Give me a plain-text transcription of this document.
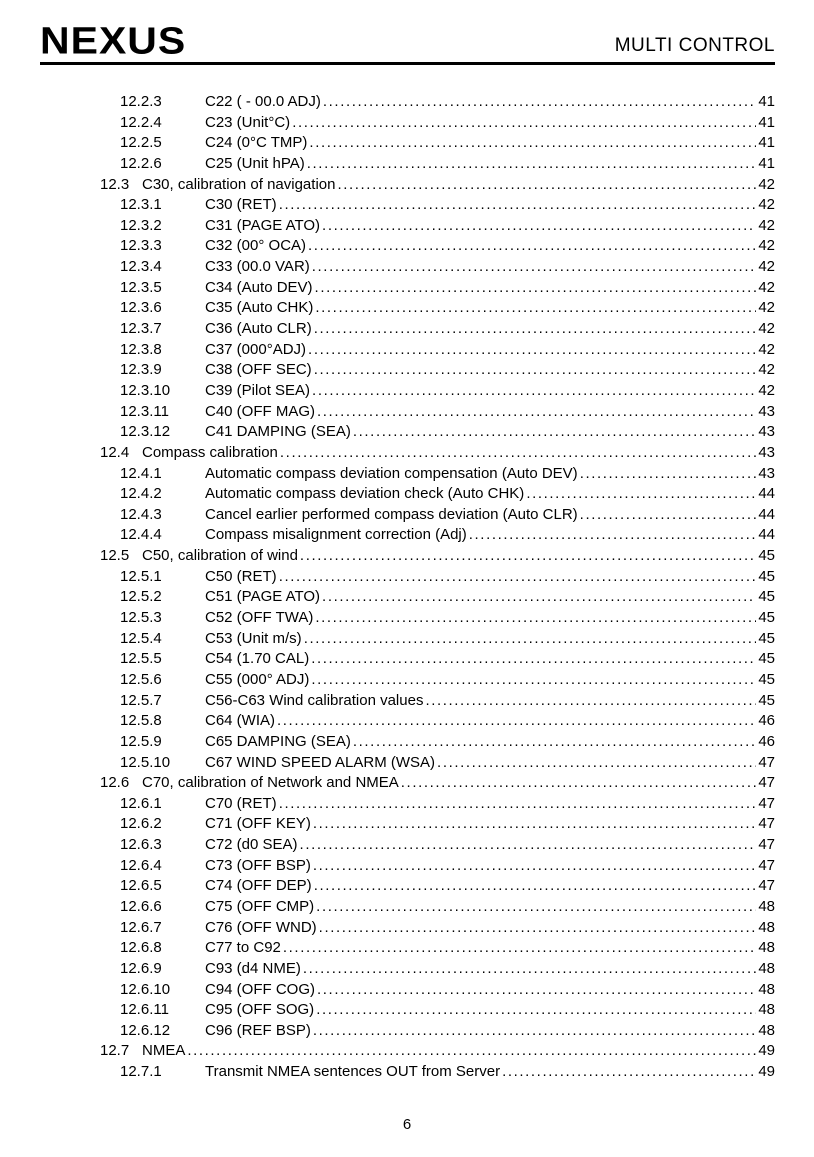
NEXUS	MULTI CONTROL
12.2.3	C22 ( - 00.0 ADJ) .....	41
12.2.4	C23 (Unit°C) .....	41
12.2.5	C24 (0°C TMP) .....	41
12.2.6	C25 (Unit hPA) .....	41
12.3 C30, calibration of navigation .....	42
12.3.1	C30 (RET) .....	42
12.3.2	C31 (PAGE ATO) .....	42
12.3.3	C32 (00° OCA) .....	42
12.3.4	C33 (00.0 VAR) .....	42
12.3.5	C34 (Auto DEV) .....	42
12.3.6	C35 (Auto CHK) .....	42
12.3.7	C36 (Auto CLR) .....	42
12.3.8	C37 (000°ADJ) .....	42
12.3.9	C38 (OFF SEC) .....	42
12.3.10	C39 (Pilot SEA) .....	42
12.3.11	C40 (OFF MAG) .....	43
12.3.12	C41 DAMPING (SEA) .....	43
12.4 Compass calibration .....	43
12.4.1	Automatic compass deviation compensation (Auto DEV) .....	43
12.4.2	Automatic compass deviation check (Auto CHK) .....	44
12.4.3	Cancel earlier performed compass deviation (Auto CLR) .....	44
12.4.4	Compass misalignment correction (Adj) .....	44
12.5 C50, calibration of wind .....	45
12.5.1	C50 (RET) .....	45
12.5.2	C51 (PAGE ATO) .....	45
12.5.3	C52 (OFF TWA) .....	45
12.5.4	C53 (Unit m/s) .....	45
12.5.5	C54 (1.70 CAL) .....	45
12.5.6	C55 (000° ADJ) .....	45
12.5.7	C56-C63 Wind calibration values .....	45
12.5.8	C64 (WIA) .....	46
12.5.9	C65 DAMPING (SEA) .....	46
12.5.10	C67 WIND SPEED ALARM (WSA) .....	47
12.6 C70, calibration of Network and NMEA .....	47
12.6.1	C70 (RET) .....	47
12.6.2	C71 (OFF KEY) .....	47
12.6.3	C72 (d0 SEA) .....	47
12.6.4	C73 (OFF BSP) .....	47
12.6.5	C74 (OFF DEP) .....	47
12.6.6	C75 (OFF CMP) .....	48
12.6.7	C76 (OFF WND) .....	48
12.6.8	C77 to C92 .....	48
12.6.9	C93 (d4 NME) .....	48
12.6.10	C94 (OFF COG) .....	48
12.6.11	C95 (OFF SOG) .....	48
12.6.12	C96 (REF BSP) .....	48
12.7 NMEA .....	49
12.7.1	Transmit NMEA sentences OUT from Server .....	49
6
